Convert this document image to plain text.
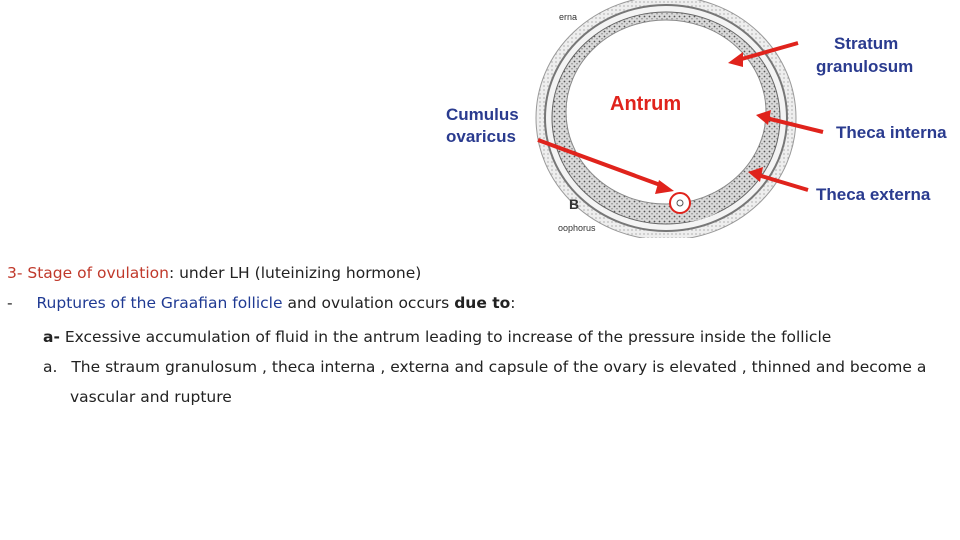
Stratum
granulosum
Antrum
Cumulus
ovaricus	Theca interna
Theca externa
B
erna
oophorus
3- Stage of ovulation: under LH (luteinizing hormone)
- Ruptures of the Graafian follicle and ovulation occurs due to:
a- Excessive accumulation of fluid in the antrum leading to increase of the pressure inside the follicle
a. The straum granulosum , theca interna , externa and capsule of the ovary is elevated , thinned and become a
vascular and rupture
